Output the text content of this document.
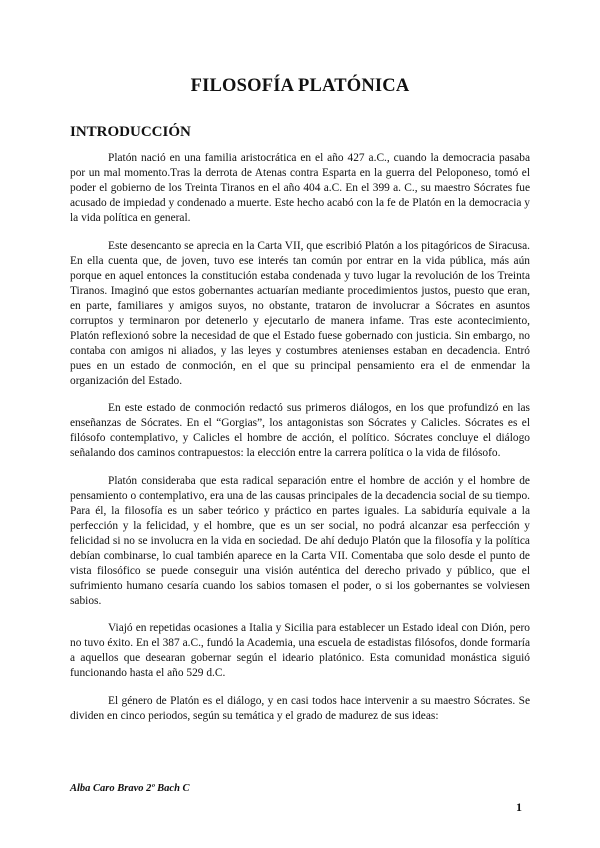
FILOSOFÍA PLATÓNICA
INTRODUCCIÓN

Platón nació en una familia aristocrática en el año 427 a.C., cuando la democracia pasaba por un mal momento.Tras la derrota de Atenas contra Esparta en la guerra del Peloponeso, tomó el poder el gobierno de los Treinta Tiranos en el año 404 a.C. En el 399 a. C., su maestro Sócrates fue acusado de impiedad y condenado a muerte. Este hecho acabó con la fe de Platón en la democracia y la vida política en general.

Este desencanto se aprecia en la Carta VII, que escribió Platón a los pitagóricos de Siracusa. En ella cuenta que, de joven, tuvo ese interés tan común por entrar en la vida pública, más aún porque en aquel entonces la constitución estaba condenada y tuvo lugar la revolución de los Treinta Tiranos. Imaginó que estos gobernantes actuarían mediante procedimientos justos, puesto que eran, en parte, familiares y amigos suyos, no obstante, trataron de involucrar a Sócrates en asuntos corruptos y terminaron por detenerlo y ejecutarlo de manera infame. Tras este acontecimiento, Platón reflexionó sobre la necesidad de que el Estado fuese gobernado con justicia. Sin embargo, no contaba con amigos ni aliados, y las leyes y costumbres atenienses estaban en decadencia. Entró pues en un estado de conmoción, en el que su principal pensamiento era el de enmendar la organización del Estado.

En este estado de conmoción redactó sus primeros diálogos, en los que profundizó en las enseñanzas de Sócrates. En el “Gorgias”, los antagonistas son Sócrates y Calicles. Sócrates es el filósofo contemplativo, y Calicles el hombre de acción, el político. Sócrates concluye el diálogo señalando dos caminos contrapuestos: la elección entre la carrera política o la vida de filósofo.

Platón consideraba que esta radical separación entre el hombre de acción y el hombre de pensamiento o contemplativo, era una de las causas principales de la decadencia social de su tiempo. Para él, la filosofía es un saber teórico y práctico en partes iguales. La sabiduría equivale a la perfección y la felicidad, y el hombre, que es un ser social, no podrá alcanzar esa perfección y felicidad si no se involucra en la vida en sociedad. De ahí dedujo Platón que la filosofía y la política debían combinarse, lo cual también aparece en la Carta VII. Comentaba que solo desde el punto de vista filosófico se puede conseguir una visión auténtica del derecho privado y público, que el sufrimiento humano cesaría cuando los sabios tomasen el poder, o si los gobernantes se volviesen sabios.

Viajó en repetidas ocasiones a Italia y Sicilia para establecer un Estado ideal con Dión, pero no tuvo éxito. En el 387 a.C., fundó la Academia, una escuela de estadistas filósofos, donde formaría a aquellos que desearan gobernar según el ideario platónico. Esta comunidad monástica siguió funcionando hasta el año 529 d.C.

El género de Platón es el diálogo, y en casi todos hace intervenir a su maestro Sócrates. Se dividen en cinco periodos, según su temática y el grado de madurez de sus ideas:

Alba Caro Bravo 2º Bach C
1
